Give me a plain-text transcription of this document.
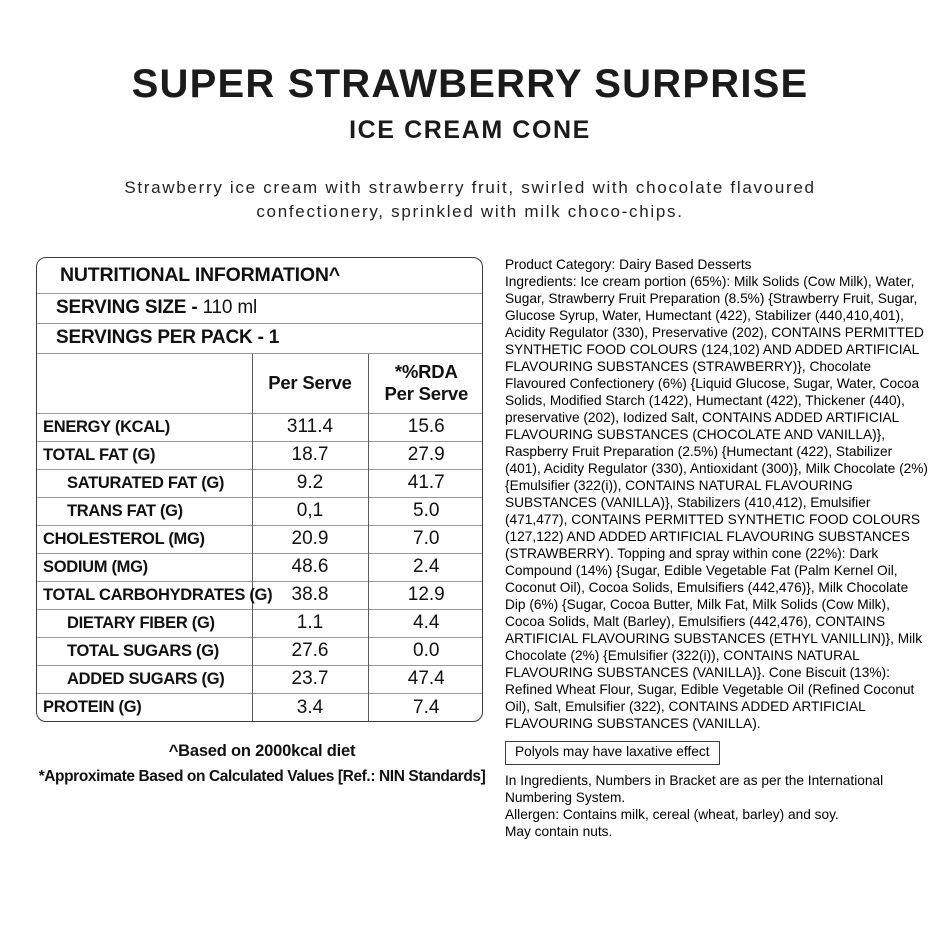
SUPER STRAWBERRY SURPRISE
ICE CREAM CONE

Strawberry ice cream with strawberry fruit, swirled with chocolate flavoured confectionery, sprinkled with milk choco-chips.

NUTRITIONAL INFORMATION^		
SERVING SIZE - 110 ml		
SERVINGS PER PACK - 1		
	Per Serve	*%RDA
Per Serve

ENERGY (KCAL)	311.4	15.6
TOTAL FAT (G)	18.7	27.9
SATURATED FAT (G)	9.2	41.7
TRANS FAT (G)	0,1	5.0
CHOLESTEROL (MG)	20.9	7.0
SODIUM (MG)	48.6	2.4
TOTAL CARBOHYDRATES (G)	38.8	12.9
DIETARY FIBER (G)	1.1	4.4
TOTAL SUGARS (G)	27.6	0.0
ADDED SUGARS (G)	23.7	47.4
PROTEIN (G)	3.4	7.4

^Based on 2000kcal diet

*Approximate Based on Calculated Values [Ref.: NIN Standards]

Product Category: Dairy Based Desserts

Ingredients: Ice cream portion (65%): Milk Solids (Cow Milk), Water, Sugar, Strawberry Fruit Preparation (8.5%) {Strawberry Fruit, Sugar, Glucose Syrup, Water, Humectant (422), Stabilizer (440,410,401), Acidity Regulator (330), Preservative (202), CONTAINS PERMITTED SYNTHETIC FOOD COLOURS (124,102) AND ADDED ARTIFICIAL FLAVOURING SUBSTANCES (STRAWBERRY)}, Chocolate Flavoured Confectionery (6%) {Liquid Glucose, Sugar, Water, Cocoa Solids, Modified Starch (1422), Humectant (422), Thickener (440), preservative (202), Iodized Salt, CONTAINS ADDED ARTIFICIAL FLAVOURING SUBSTANCES (CHOCOLATE AND VANILLA)}, Raspberry Fruit Preparation (2.5%) {Humectant (422), Stabilizer (401), Acidity Regulator (330), Antioxidant (300)}, Milk Chocolate (2%) {Emulsifier (322(i)), CONTAINS NATURAL FLAVOURING SUBSTANCES (VANILLA)}, Stabilizers (410,412), Emulsifier (471,477), CONTAINS PERMITTED SYNTHETIC FOOD COLOURS (127,122) AND ADDED ARTIFICIAL FLAVOURING SUBSTANCES (STRAWBERRY). Topping and spray within cone (22%): Dark Compound (14%) {Sugar, Edible Vegetable Fat (Palm Kernel Oil, Coconut Oil), Cocoa Solids, Emulsifiers (442,476)}, Milk Chocolate Dip (6%) {Sugar, Cocoa Butter, Milk Fat, Milk Solids (Cow Milk), Cocoa Solids, Malt (Barley), Emulsifiers (442,476), CONTAINS ARTIFICIAL FLAVOURING SUBSTANCES (ETHYL VANILLIN)}, Milk Chocolate (2%) {Emulsifier (322(i)), CONTAINS NATURAL FLAVOURING SUBSTANCES (VANILLA)}. Cone Biscuit (13%): Refined Wheat Flour, Sugar, Edible Vegetable Oil (Refined Coconut Oil), Salt, Emulsifier (322), CONTAINS ADDED ARTIFICIAL FLAVOURING SUBSTANCES (VANILLA).

Polyols may have laxative effect

In Ingredients, Numbers in Bracket are as per the International Numbering System.

Allergen: Contains milk, cereal (wheat, barley) and soy.
May contain nuts.
